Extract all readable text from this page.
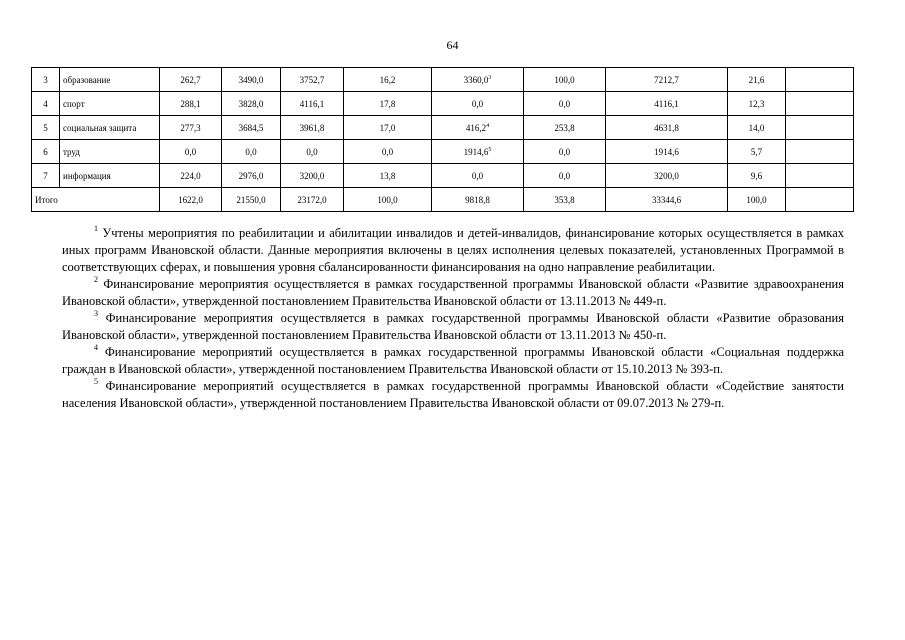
64
3	образование	262,7	3490,0	3752,7	16,2	3360,0$^3$	100,0	7212,7	21,6	
4	спорт	288,1	3828,0	4116,1	17,8	0,0	0,0	4116,1	12,3	
5	социальная защита	277,3	3684,5	3961,8	17,0	416,2$^4$	253,8	4631,8	14,0	
6	труд	0,0	0,0	0,0	0,0	1914,6$^5$	0,0	1914,6	5,7	
7	информация	224,0	2976,0	3200,0	13,8	0,0	0,0	3200,0	9,6	
Итого		1622,0	21550,0	23172,0	100,0	9818,8	353,8	33344,6	100,0	

$^1$ Учтены мероприятия по реабилитации и абилитации инвалидов и детей-инвалидов, финансирование которых осуществляется в рамках иных программ Ивановской области. Данные мероприятия включены в целях исполнения целевых показателей, установленных Программой в соответствующих сферах, и повышения уровня сбалансированности финансирования на одно направление реабилитации.

$^2$ Финансирование мероприятия осуществляется в рамках государственной программы Ивановской области «Развитие здравоохранения Ивановской области», утвержденной постановлением Правительства Ивановской области от 13.11.2013 № 449-п.

$^3$ Финансирование мероприятия осуществляется в рамках государственной программы Ивановской области «Развитие образования Ивановской области», утвержденной постановлением Правительства Ивановской области от 13.11.2013 № 450-п.

$^4$ Финансирование мероприятий осуществляется в рамках государственной программы Ивановской области «Социальная поддержка граждан в Ивановской области», утвержденной постановлением Правительства Ивановской области от 15.10.2013 № 393-п.

$^5$ Финансирование мероприятий осуществляется в рамках государственной программы Ивановской области «Содействие занятости населения Ивановской области», утвержденной постановлением Правительства Ивановской области от 09.07.2013 № 279-п.
